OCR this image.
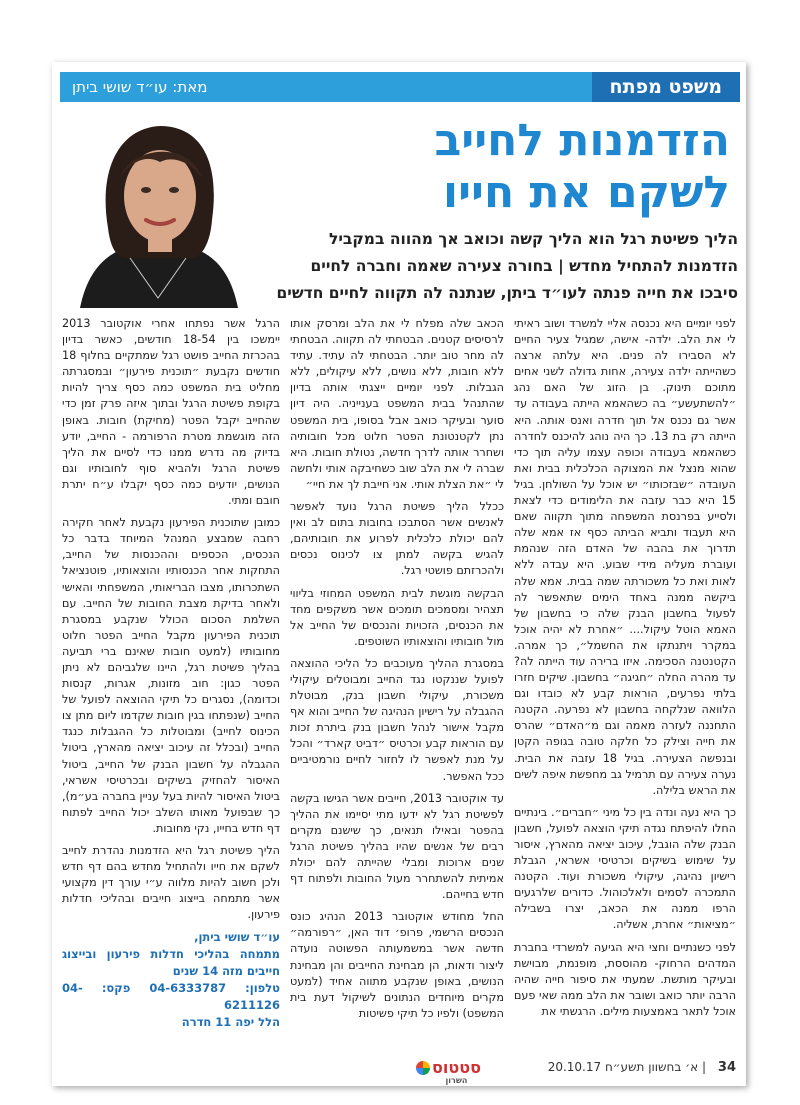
משפט מפתח
מאת: עו״ד שושי ביתן
הזדמנות לחייב
לשקם את חייו
הליך פשיטת רגל הוא הליך קשה וכואב אך מהווה במקביל
הזדמנות להתחיל מחדש | בחורה צעירה שאמה וחברה לחיים
סיבכו את חייה פנתה לעו״ד ביתן, שנתנה לה תקווה לחיים חדשים

לפני יומיים היא נכנסה אליי למשרד ושוב ראיתי לי את הלב. ילדה- אישה, שמגיל צעיר החיים לא הסבירו לה פנים. היא עלתה ארצה כשהייתה ילדה צעירה, אחות גדולה לשני אחים מתוכם תינוק. בן הזוג של האם נהג ״להשתעשע״ בה כשהאמא הייתה בעבודה עד אשר גם נכנס אל תוך חדרה ואנס אותה. היא הייתה רק בת 13. כך היה נוהג להיכנס לחדרה כשהאמא בעבודה וכופה עצמו עליה תוך כדי שהוא מנצל את המצוקה הכלכלית בבית ואת העובדה ״שבזכותו״ יש אוכל על השולחן. בגיל 15 היא כבר עזבה את הלימודים כדי לצאת ולסייע בפרנסת המשפחה מתוך תקווה שאם היא תעבוד ותביא הביתה כסף אז אמא שלה תדרוך את בהבה של האדם הזה שנהמת ועוברת מעליה מידי שבוע. היא עבדה ללא לאות ואת כל משכורתה שמה בבית. אמא שלה ביקשה ממנה באחד הימים שתאפשר לה לפעול בחשבון הבנק שלה כי בחשבון של האמא הוטל עיקול.... ״אחרת לא יהיה אוכל במקרר ויתנתקו את החשמל״, כך אמרה. הקטנטנה הסכימה. איזו ברירה עוד הייתה לה? עד מהרה החלה ״חגיגה״ בחשבון. שיקים חזרו בלתי נפרעים, הוראות קבע לא כובדו וגם הלוואה שנלקחה בחשבון לא נפרעה. הקטנה התחננה לעזרה מאמה וגם מ״האדם״ שהרס את חייה וצילק כל חלקה טובה בגופה הקטן ובנפשה הצעירה. בגיל 18 עזבה את הבית. נערה צעירה עם תרמיל גב מחפשת איפה לשים את הראש בלילה.

כך היא נעה ונדה בין כל מיני ״חברים״. בינתיים החלו להיפתח נגדה תיקי הוצאה לפועל, חשבון הבנק שלה הוגבל, עיכוב יציאה מהארץ, איסור על שימוש בשיקים וכרטיסי אשראי, הגבלת רישיון נהיגה, עיקולי משכורת ועוד. הקטנה התמכרה לסמים ולאלכוהול. כדורים שלרגעים הרפו ממנה את הכאב, יצרו בשבילה ״מציאות״ אחרת, אשליה.

לפני כשנתיים וחצי היא הגיעה למשרדי בחברת המדהים הרחוק- מהוססת, מופנמת, מבוישת ובעיקר מותשת. שמעתי את סיפור חייה שהיה הרבה יותר כואב ושובר את הלב ממה שאי פעם אוכל לתאר באמצעות מילים. הרגשתי את

הכאב שלה מפלח לי את הלב ומרסק אותו לרסיסים קטנים. הבטחתי לה תקווה. הבטחתי לה מחר טוב יותר. הבטחתי לה עתיד. עתיד ללא חובות, ללא נושים, ללא עיקולים, ללא הגבלות. לפני יומיים ייצגתי אותה בדיון שהתנהל בבית המשפט בענייניה. היה דיון סוער ובעיקר כואב אבל בסופו, בית המשפט נתן לקטנטונת הפטר חלוט מכל חובותיה ושחרר אותה לדרך חדשה, נטולת חובות. היא שברה לי את הלב שוב כשחיבקה אותי ולחשה לי ״את הצלת אותי. אני חייבת לך את חיי״

ככלל הליך פשיטת הרגל נועד לאפשר לאנשים אשר הסתבכו בחובות בתום לב ואין להם יכולת כלכלית לפרוע את חובותיהם, להגיש בקשה למתן צו לכינוס נכסים ולהכרזתם פושטי רגל.

הבקשה מוגשת לבית המשפט המחוזי בליווי תצהיר ומסמכים תומכים אשר משקפים מחד את הכנסים, הזכויות והנכסים של החייב אל מול חובותיו והוצאותיו השוטפים.

במסגרת ההליך מעוכבים כל הליכי ההוצאה לפועל שננקטו נגד החייב ומבוטלים עיקולי משכורת, עיקולי חשבון בנק, מבוטלת ההגבלה על רישיון הנהיגה של החייב והוא אף מקבל אישור לנהל חשבון בנק ביתרת זכות עם הוראות קבע וכרטיס ״דביט קארד״ והכל על מנת לאפשר לו לחזור לחיים נורמטיביים ככל האפשר.

עד אוקטובר 2013, חייבים אשר הגישו בקשה לפשיטת רגל לא ידעו מתי יסיימו את ההליך בהפטר ובאילו תנאים, כך שישנם מקרים רבים של אנשים שהיו בהליך פשיטת הרגל שנים ארוכות ומבלי שהייתה להם יכולת אמיתית להשתחרר מעול החובות ולפתוח דף חדש בחייהם.

החל מחודש אוקטובר 2013 הנהיג כונס הנכסים הרשמי, פרופ׳ דוד האן, ״רפורמה״ חדשה אשר במשמעותה הפשוטה נועדה ליצור ודאות, הן מבחינת החייבים והן מבחינת הנושים, באופן שנקבע מתווה אחיד (למעט מקרים מיוחדים הנתונים לשיקול דעת בית המשפט) ולפיו כל תיקי פשיטות

הרגל אשר נפתחו אחרי אוקטובר 2013 יימשכו בין 18-54 חודשים, כאשר בדיון בהכרזת החייב פושט רגל שמתקיים בחלוף 18 חודשים נקבעת ״תוכנית פירעון״ ובמסגרתה מחליט בית המשפט כמה כסף צריך להיות בקופת פשיטת הרגל ובתוך איזה פרק זמן כדי שהחייב יקבל הפטר (מחיקת) חובות. באופן הזה מוגשמת מטרת הרפורמה - החייב, יודע בדיוק מה נדרש ממנו כדי לסיים את הליך פשיטת הרגל ולהביא סוף לחובותיו וגם הנושים, יודעים כמה כסף יקבלו ע״ח יתרת חובם ומתי.

כמובן שתוכנית הפירעון נקבעת לאחר חקירה רחבה שמבצע המנהל המיוחד בדבר כל הנכסים, הכספים וההכנסות של החייב, התחקות אחר הכנסותיו והוצאותיו, פוטנציאל השתכרותו, מצבו הבריאותי, המשפחתי והאישי ולאחר בדיקת מצבת החובות של החייב. עם השלמת הסכום הכולל שנקבע במסגרת תוכנית הפירעון מקבל החייב הפטר חלוט מחובותיו (למעט חובות שאינם ברי תביעה בהליך פשיטת רגל, היינו שלגביהם לא ניתן הפטר כגון: חוב מזונות, אגרות, קנסות וכדומה), נסגרים כל תיקי ההוצאה לפועל של החייב (שנפתחו בגין חובות שקדמו ליום מתן צו הכינוס לחייב) ומבוטלות כל ההגבלות כנגד החייב (ובכלל זה עיכוב יציאה מהארץ, ביטול ההגבלה על חשבון הבנק של החייב, ביטול האיסור להחזיק בשיקים ובכרטיסי אשראי, ביטול האיסור להיות בעל עניין בחברה בע״מ), כך שבפועל מאותו השלב יכול החייב לפתוח דף חדש בחייו, נקי מחובות.

הליך פשיטת רגל היא הזדמנות נהדרת לחייב לשקם את חייו ולהתחיל מחדש בהם דף חדש ולכן חשוב להיות מלווה ע״י עורך דין מקצועי אשר מתמחה בייצוג חייבים ובהליכי חדלות פירעון.

עו״ד שושי ביתן,
מתמחה בהליכי חדלות פירעון ובייצוג חייבים מזה 14 שנים
טלפון: 04-6333787 פקס: 04-6211126
הלל יפה 11 חדרה
34
| א׳ בחשוון תשע״ח 20.10.17
סטטוס
השרון
